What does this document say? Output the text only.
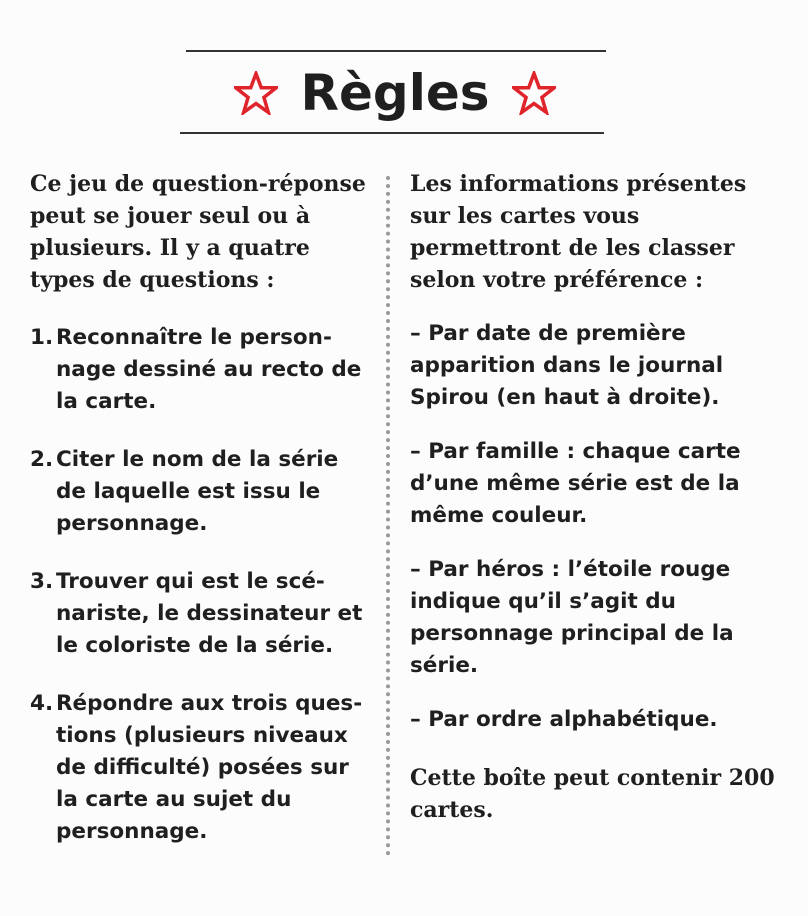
Règles

Ce jeu de question-réponse peut se jouer seul ou à plusieurs. Il y a quatre types de questions :

1. Reconnaître le person-nage dessiné au recto de la carte.
2. Citer le nom de la série de laquelle est issu le personnage.
3. Trouver qui est le scé-nariste, le dessinateur et le coloriste de la série.
4. Répondre aux trois ques-tions (plusieurs niveaux de difficulté) posées sur la carte au sujet du personnage.

Les informations présentes sur les cartes vous permettront de les classer selon votre préférence :

– Par date de première apparition dans le journal Spirou (en haut à droite).

– Par famille : chaque carte d’une même série est de la même couleur.

– Par héros : l’étoile rouge indique qu’il s’agit du personnage principal de la série.

– Par ordre alphabétique.

Cette boîte peut contenir 200 cartes.
